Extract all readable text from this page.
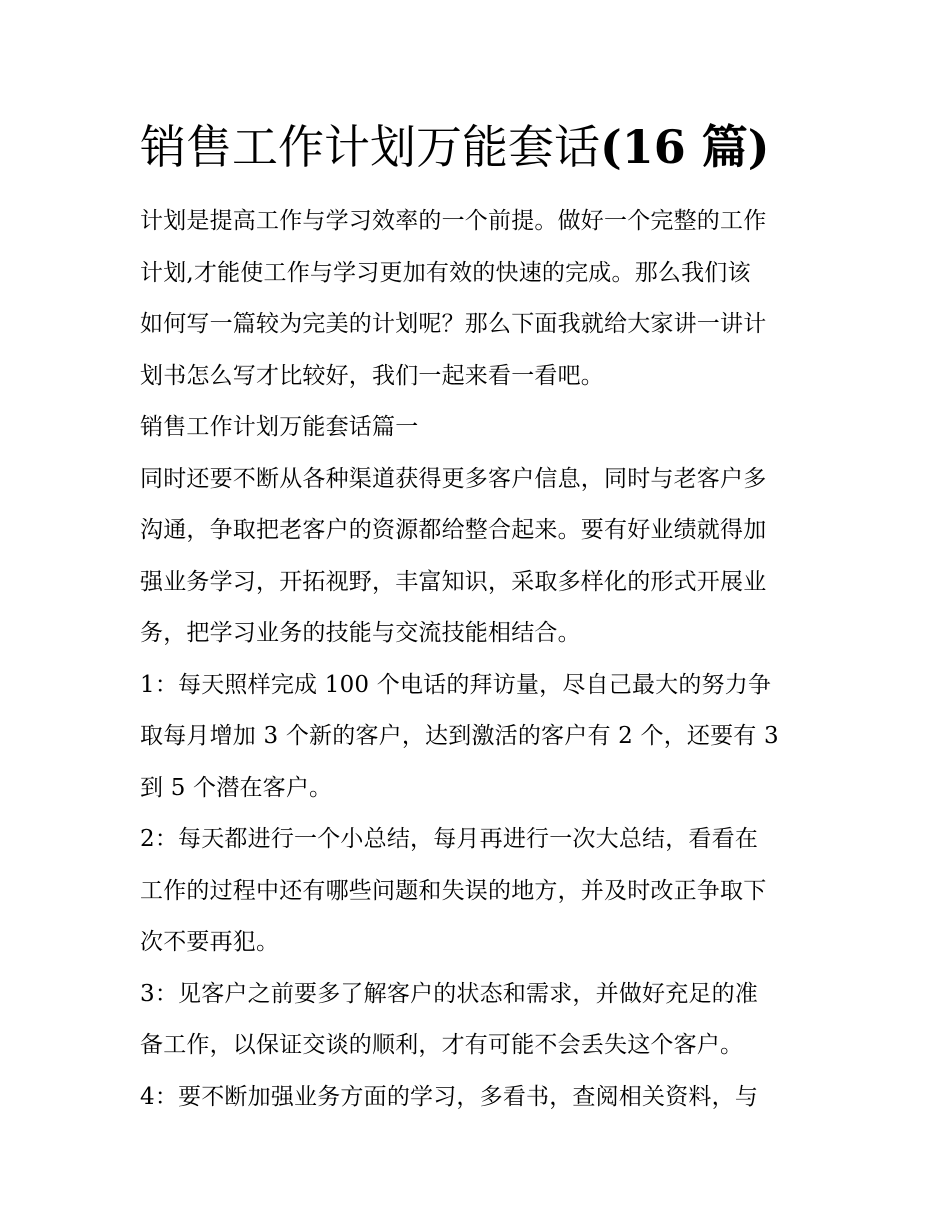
销售工作计划万能套话(16 篇)

计划是提高工作与学习效率的一个前提。做好一个完整的工作
计划,才能使工作与学习更加有效的快速的完成。那么我们该
如何写一篇较为完美的计划呢？那么下面我就给大家讲一讲计
划书怎么写才比较好，我们一起来看一看吧。

销售工作计划万能套话篇一

同时还要不断从各种渠道获得更多客户信息，同时与老客户多
沟通，争取把老客户的资源都给整合起来。要有好业绩就得加
强业务学习，开拓视野，丰富知识，采取多样化的形式开展业
务，把学习业务的技能与交流技能相结合。

1：每天照样完成 100 个电话的拜访量，尽自己最大的努力争
取每月增加 3 个新的客户，达到激活的客户有 2 个，还要有 3
到 5 个潜在客户。

2：每天都进行一个小总结，每月再进行一次大总结，看看在
工作的过程中还有哪些问题和失误的地方，并及时改正争取下
次不要再犯。

3：见客户之前要多了解客户的状态和需求，并做好充足的准
备工作，以保证交谈的顺利，才有可能不会丢失这个客户。

4：要不断加强业务方面的学习，多看书，查阅相关资料，与
